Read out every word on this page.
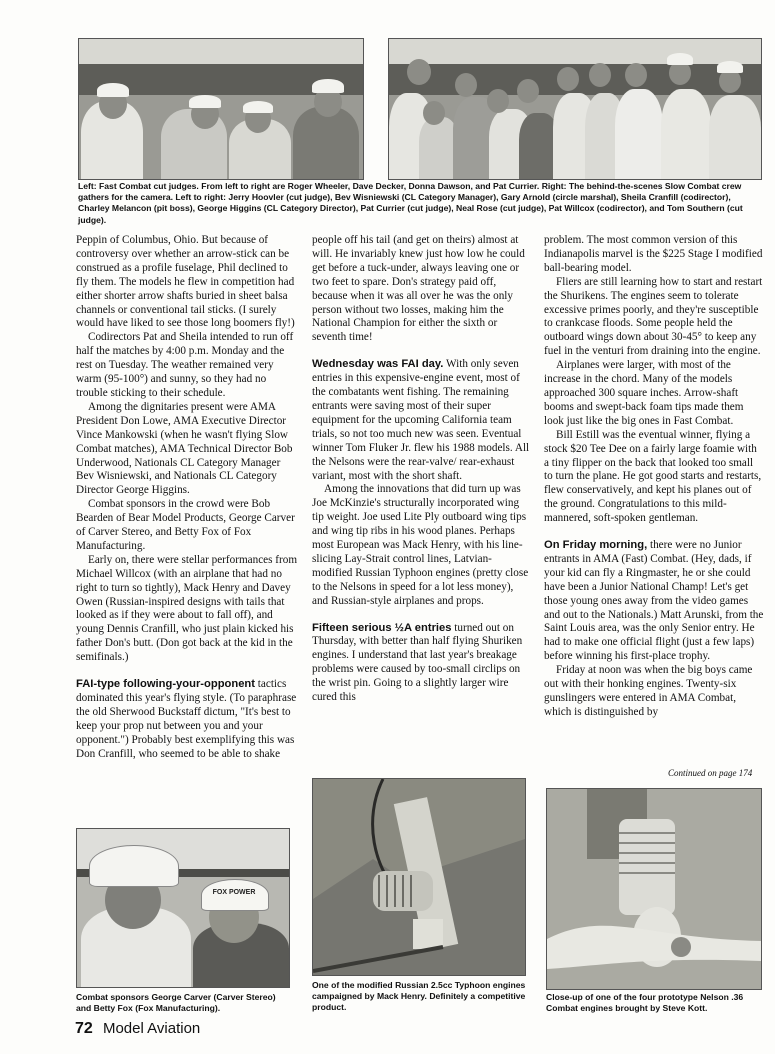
Left: Fast Combat cut judges. From left to right are Roger Wheeler, Dave Decker, Donna Dawson, and Pat Currier. Right: The behind-the-scenes Slow Combat crew gathers for the camera. Left to right: Jerry Hoovler (cut judge), Bev Wisniewski (CL Category Manager), Gary Arnold (circle marshal), Sheila Cranfill (codirector), Charley Melancon (pit boss), George Higgins (CL Category Director), Pat Currier (cut judge), Neal Rose (cut judge), Pat Willcox (codirector), and Tom Southern (cut judge).

Peppin of Columbus, Ohio. But because of controversy over whether an arrow-stick can be construed as a profile fuselage, Phil declined to fly them. The models he flew in competition had either shorter arrow shafts buried in sheet balsa channels or conventional tail sticks. (I surely would have liked to see those long boomers fly!)

Codirectors Pat and Sheila intended to run off half the matches by 4:00 p.m. Monday and the rest on Tuesday. The weather remained very warm (95-100°) and sunny, so they had no trouble sticking to their schedule.

Among the dignitaries present were AMA President Don Lowe, AMA Executive Director Vince Mankowski (when he wasn't flying Slow Combat matches), AMA Technical Director Bob Underwood, Nationals CL Category Manager Bev Wisniewski, and Nationals CL Category Director George Higgins.

Combat sponsors in the crowd were Bob Bearden of Bear Model Products, George Carver of Carver Stereo, and Betty Fox of Fox Manufacturing.

Early on, there were stellar performances from Michael Willcox (with an airplane that had no right to turn so tightly), Mack Henry and Davey Owen (Russian-inspired designs with tails that looked as if they were about to fall off), and young Dennis Cranfill, who just plain kicked his father Don's butt. (Don got back at the kid in the semifinals.)

FAI-type following-your-opponent tactics dominated this year's flying style. (To paraphrase the old Sherwood Buckstaff dictum, "It's best to keep your prop nut between you and your opponent.") Probably best exemplifying this was Don Cranfill, who seemed to be able to shake

people off his tail (and get on theirs) almost at will. He invariably knew just how low he could get before a tuck-under, always leaving one or two feet to spare. Don's strategy paid off, because when it was all over he was the only person without two losses, making him the National Champion for either the sixth or seventh time!

Wednesday was FAI day. With only seven entries in this expensive-engine event, most of the combatants went fishing. The remaining entrants were saving most of their super equipment for the upcoming California team trials, so not too much new was seen. Eventual winner Tom Fluker Jr. flew his 1988 models. All the Nelsons were the rear-valve/ rear-exhaust variant, most with the short shaft.

Among the innovations that did turn up was Joe McKinzie's structurally incorporated wing tip weight. Joe used Lite Ply outboard wing tips and wing tip ribs in his wood planes. Perhaps most European was Mack Henry, with his line-slicing Lay-Strait control lines, Latvian-modified Russian Typhoon engines (pretty close to the Nelsons in speed for a lot less money), and Russian-style airplanes and props.

Fifteen serious ½A entries turned out on Thursday, with better than half flying Shuriken engines. I understand that last year's breakage problems were caused by too-small circlips on the wrist pin. Going to a slightly larger wire cured this

problem. The most common version of this Indianapolis marvel is the $225 Stage I modified ball-bearing model.

Fliers are still learning how to start and restart the Shurikens. The engines seem to tolerate excessive primes poorly, and they're susceptible to crankcase floods. Some people held the outboard wings down about 30-45° to keep any fuel in the venturi from draining into the engine.

Airplanes were larger, with most of the increase in the chord. Many of the models approached 300 square inches. Arrow-shaft booms and swept-back foam tips made them look just like the big ones in Fast Combat.

Bill Estill was the eventual winner, flying a stock $20 Tee Dee on a fairly large foamie with a tiny flipper on the back that looked too small to turn the plane. He got good starts and restarts, flew conservatively, and kept his planes out of the ground. Congratulations to this mild-mannered, soft-spoken gentleman.

On Friday morning, there were no Junior entrants in AMA (Fast) Combat. (Hey, dads, if your kid can fly a Ringmaster, he or she could have been a Junior National Champ! Let's get those young ones away from the video games and out to the Nationals.) Matt Arunski, from the Saint Louis area, was the only Senior entry. He had to make one official flight (just a few laps) before winning his first-place trophy.

Friday at noon was when the big boys came out with their honking engines. Twenty-six gunslingers were entered in AMA Combat, which is distinguished by

Continued on page 174
FOX POWER
Combat sponsors George Carver (Carver Stereo) and Betty Fox (Fox Manufacturing).
One of the modified Russian 2.5cc Typhoon engines campaigned by Mack Henry. Definitely a competitive product.
Close-up of one of the four prototype Nelson .36 Combat engines brought by Steve Kott.
72 Model Aviation
